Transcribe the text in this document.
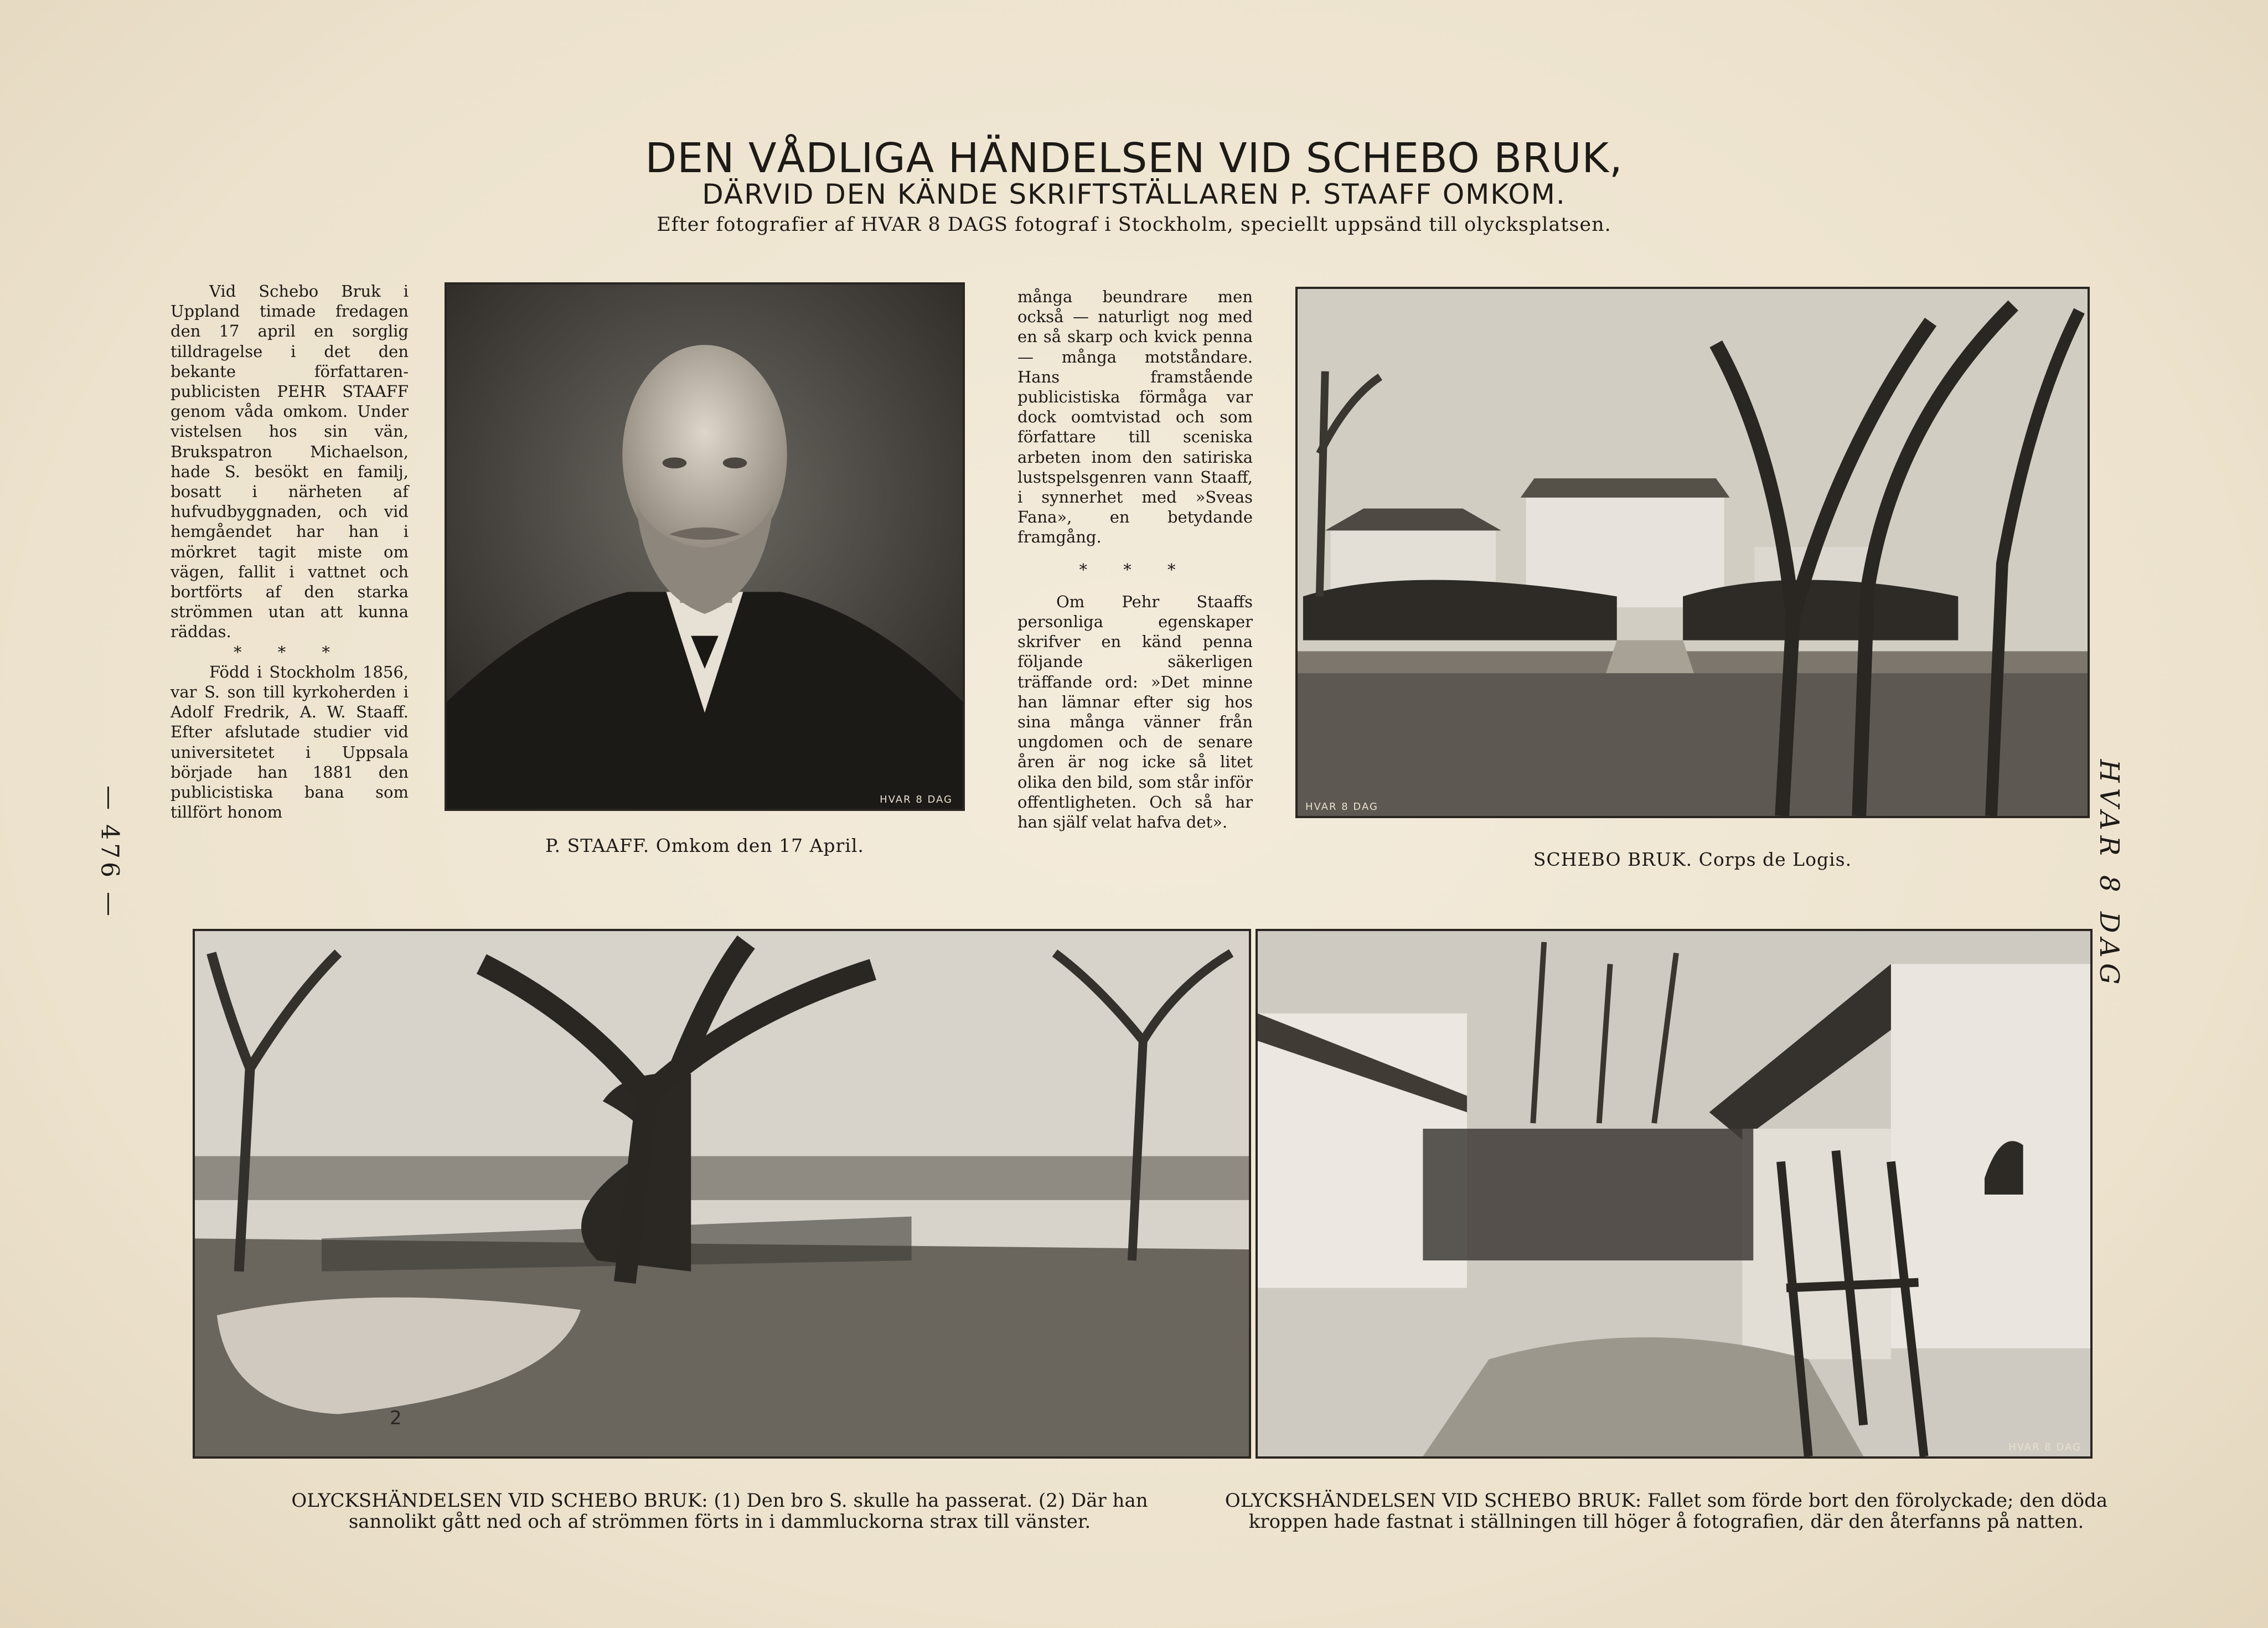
DEN VÅDLIGA HÄNDELSEN VID SCHEBO BRUK,
DÄRVID DEN KÄNDE SKRIFTSTÄLLAREN P. STAAFF OMKOM.
Efter fotografier af HVAR 8 DAGS fotograf i Stockholm, speciellt uppsänd till olycksplatsen.

Vid Schebo Bruk i Uppland timade fredagen den 17 april en sorglig tilldragelse i det den bekante författaren-publicisten PEHR STAAFF genom våda omkom. Under vistelsen hos sin vän, Brukspatron Michaelson, hade S. besökt en familj, bosatt i närheten af hufvudbyggnaden, och vid hemgåendet har han i mörkret tagit miste om vägen, fallit i vattnet och bortförts af den starka strömmen utan att kunna räddas.

* * *

Född i Stockholm 1856, var S. son till kyrkoherden i Adolf Fredrik, A. W. Staaff. Efter afslutade studier vid universitetet i Uppsala började han 1881 den publicistiska bana som tillfört honom

HVAR 8 DAG
P. STAAFF. Omkom den 17 April.

många beundrare men också — naturligt nog med en så skarp och kvick penna — många motståndare. Hans framstående publicistiska förmåga var dock oomtvistad och som författare till sceniska arbeten inom den satiriska lustspelsgenren vann Staaff, i synnerhet med »Sveas Fana», en betydande framgång.

* * *

Om Pehr Staaffs personliga egenskaper skrifver en känd penna följande säkerligen träffande ord: »Det minne han lämnar efter sig hos sina många vänner från ungdomen och de senare åren är nog icke så litet olika den bild, som står inför offentligheten. Och så har han själf velat hafva det».

HVAR 8 DAG
SCHEBO BRUK. Corps de Logis.
2
OLYCKSHÄNDELSEN VID SCHEBO BRUK: (1) Den bro S. skulle ha passerat. (2) Där han sannolikt gått ned och af strömmen förts in i dammluckorna strax till vänster.
HVAR 8 DAG
OLYCKSHÄNDELSEN VID SCHEBO BRUK: Fallet som förde bort den förolyckade; den döda kroppen hade fastnat i ställningen till höger å fotografien, där den återfanns på natten.
— 476 —	HVAR 8 DAG
